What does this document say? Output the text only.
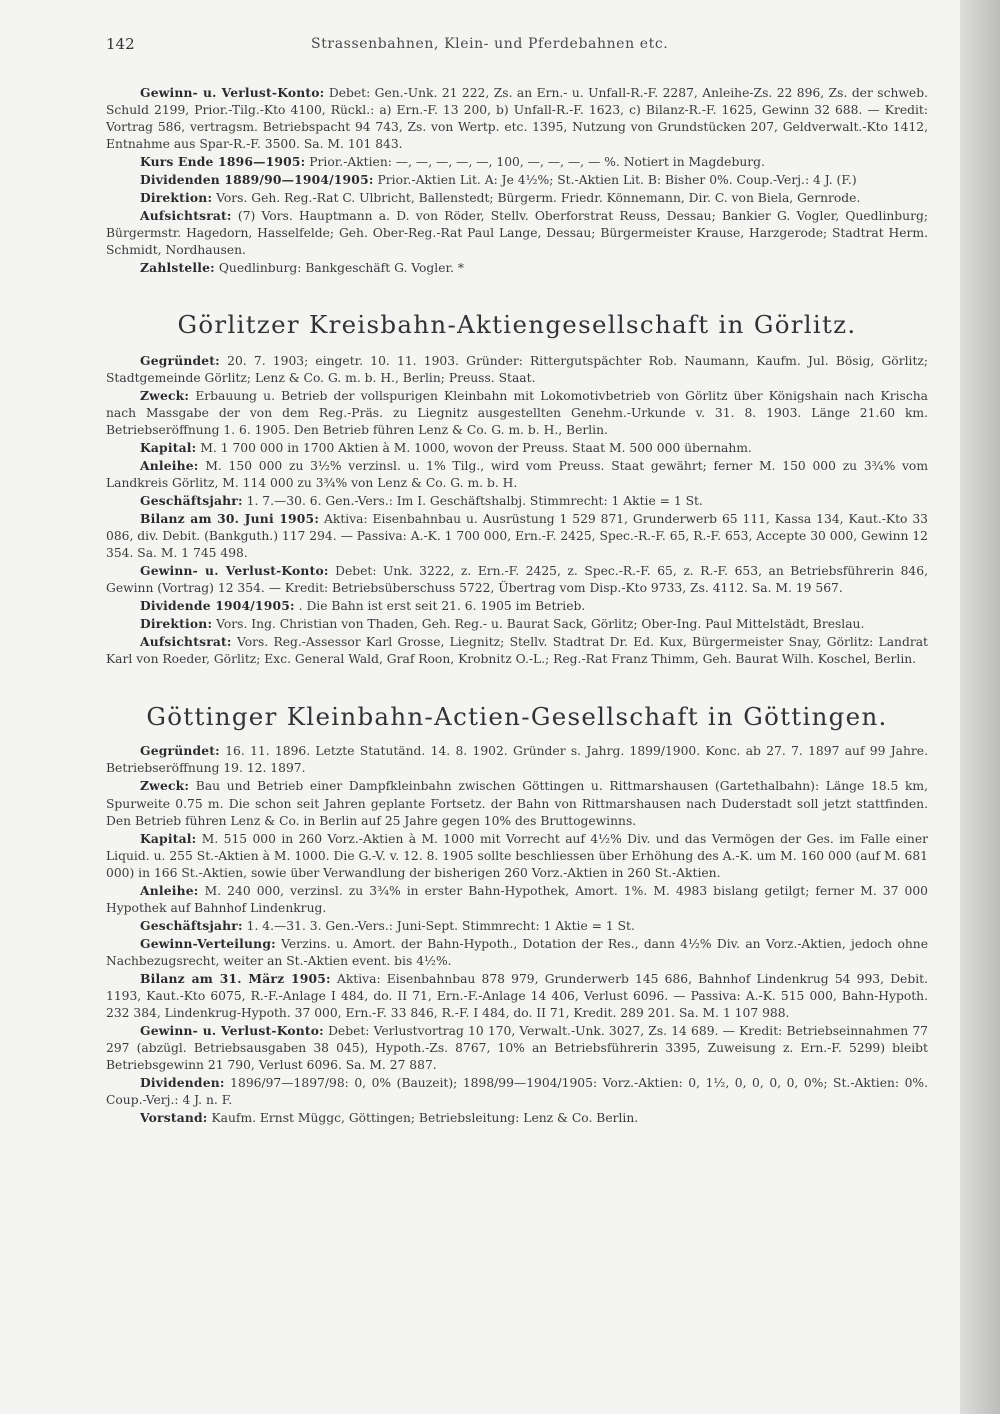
142	Strassenbahnen, Klein- und Pferdebahnen etc.

Gewinn- u. Verlust-Konto: Debet: Gen.-Unk. 21 222, Zs. an Ern.- u. Unfall-R.-F. 2287, Anleihe-Zs. 22 896, Zs. der schweb. Schuld 2199, Prior.-Tilg.-Kto 4100, Rückl.: a) Ern.-F. 13 200, b) Unfall-R.-F. 1623, c) Bilanz-R.-F. 1625, Gewinn 32 688. — Kredit: Vortrag 586, vertragsm. Betriebspacht 94 743, Zs. von Wertp. etc. 1395, Nutzung von Grundstücken 207, Geldverwalt.-Kto 1412, Entnahme aus Spar-R.-F. 3500. Sa. M. 101 843.

Kurs Ende 1896—1905: Prior.-Aktien: —, —, —, —, —, 100, —, —, —, — %. Notiert in Magdeburg.

Dividenden 1889/90—1904/1905: Prior.-Aktien Lit. A: Je 4½%; St.-Aktien Lit. B: Bisher 0%. Coup.-Verj.: 4 J. (F.)

Direktion: Vors. Geh. Reg.-Rat C. Ulbricht, Ballenstedt; Bürgerm. Friedr. Könnemann, Dir. C. von Biela, Gernrode.

Aufsichtsrat: (7) Vors. Hauptmann a. D. von Röder, Stellv. Oberforstrat Reuss, Dessau; Bankier G. Vogler, Quedlinburg; Bürgermstr. Hagedorn, Hasselfelde; Geh. Ober-Reg.-Rat Paul Lange, Dessau; Bürgermeister Krause, Harzgerode; Stadtrat Herm. Schmidt, Nordhausen.

Zahlstelle: Quedlinburg: Bankgeschäft G. Vogler. *

Görlitzer Kreisbahn-Aktiengesellschaft in Görlitz.

Gegründet: 20. 7. 1903; eingetr. 10. 11. 1903. Gründer: Rittergutspächter Rob. Naumann, Kaufm. Jul. Bösig, Görlitz; Stadtgemeinde Görlitz; Lenz & Co. G. m. b. H., Berlin; Preuss. Staat.

Zweck: Erbauung u. Betrieb der vollspurigen Kleinbahn mit Lokomotivbetrieb von Görlitz über Königshain nach Krischa nach Massgabe der von dem Reg.-Präs. zu Liegnitz ausgestellten Genehm.-Urkunde v. 31. 8. 1903. Länge 21.60 km. Betriebseröffnung 1. 6. 1905. Den Betrieb führen Lenz & Co. G. m. b. H., Berlin.

Kapital: M. 1 700 000 in 1700 Aktien à M. 1000, wovon der Preuss. Staat M. 500 000 übernahm.

Anleihe: M. 150 000 zu 3½% verzinsl. u. 1% Tilg., wird vom Preuss. Staat gewährt; ferner M. 150 000 zu 3¾% vom Landkreis Görlitz, M. 114 000 zu 3¾% von Lenz & Co. G. m. b. H.

Geschäftsjahr: 1. 7.—30. 6. Gen.-Vers.: Im I. Geschäftshalbj. Stimmrecht: 1 Aktie = 1 St.

Bilanz am 30. Juni 1905: Aktiva: Eisenbahnbau u. Ausrüstung 1 529 871, Grunderwerb 65 111, Kassa 134, Kaut.-Kto 33 086, div. Debit. (Bankguth.) 117 294. — Passiva: A.-K. 1 700 000, Ern.-F. 2425, Spec.-R.-F. 65, R.-F. 653, Accepte 30 000, Gewinn 12 354. Sa. M. 1 745 498.

Gewinn- u. Verlust-Konto: Debet: Unk. 3222, z. Ern.-F. 2425, z. Spec.-R.-F. 65, z. R.-F. 653, an Betriebsführerin 846, Gewinn (Vortrag) 12 354. — Kredit: Betriebsüberschuss 5722, Übertrag vom Disp.-Kto 9733, Zs. 4112. Sa. M. 19 567.

Dividende 1904/1905: . Die Bahn ist erst seit 21. 6. 1905 im Betrieb.

Direktion: Vors. Ing. Christian von Thaden, Geh. Reg.- u. Baurat Sack, Görlitz; Ober-Ing. Paul Mittelstädt, Breslau.

Aufsichtsrat: Vors. Reg.-Assessor Karl Grosse, Liegnitz; Stellv. Stadtrat Dr. Ed. Kux, Bürgermeister Snay, Görlitz: Landrat Karl von Roeder, Görlitz; Exc. General Wald, Graf Roon, Krobnitz O.-L.; Reg.-Rat Franz Thimm, Geh. Baurat Wilh. Koschel, Berlin.

Göttinger Kleinbahn-Actien-Gesellschaft in Göttingen.

Gegründet: 16. 11. 1896. Letzte Statutänd. 14. 8. 1902. Gründer s. Jahrg. 1899/1900. Konc. ab 27. 7. 1897 auf 99 Jahre. Betriebseröffnung 19. 12. 1897.

Zweck: Bau und Betrieb einer Dampfkleinbahn zwischen Göttingen u. Rittmarshausen (Gartethalbahn): Länge 18.5 km, Spurweite 0.75 m. Die schon seit Jahren geplante Fortsetz. der Bahn von Rittmarshausen nach Duderstadt soll jetzt stattfinden. Den Betrieb führen Lenz & Co. in Berlin auf 25 Jahre gegen 10% des Bruttogewinns.

Kapital: M. 515 000 in 260 Vorz.-Aktien à M. 1000 mit Vorrecht auf 4½% Div. und das Vermögen der Ges. im Falle einer Liquid. u. 255 St.-Aktien à M. 1000. Die G.-V. v. 12. 8. 1905 sollte beschliessen über Erhöhung des A.-K. um M. 160 000 (auf M. 681 000) in 166 St.-Aktien, sowie über Verwandlung der bisherigen 260 Vorz.-Aktien in 260 St.-Aktien.

Anleihe: M. 240 000, verzinsl. zu 3¾% in erster Bahn-Hypothek, Amort. 1%. M. 4983 bislang getilgt; ferner M. 37 000 Hypothek auf Bahnhof Lindenkrug.

Geschäftsjahr: 1. 4.—31. 3. Gen.-Vers.: Juni-Sept. Stimmrecht: 1 Aktie = 1 St.

Gewinn-Verteilung: Verzins. u. Amort. der Bahn-Hypoth., Dotation der Res., dann 4½% Div. an Vorz.-Aktien, jedoch ohne Nachbezugsrecht, weiter an St.-Aktien event. bis 4½%.

Bilanz am 31. März 1905: Aktiva: Eisenbahnbau 878 979, Grunderwerb 145 686, Bahnhof Lindenkrug 54 993, Debit. 1193, Kaut.-Kto 6075, R.-F.-Anlage I 484, do. II 71, Ern.-F.-Anlage 14 406, Verlust 6096. — Passiva: A.-K. 515 000, Bahn-Hypoth. 232 384, Lindenkrug-Hypoth. 37 000, Ern.-F. 33 846, R.-F. I 484, do. II 71, Kredit. 289 201. Sa. M. 1 107 988.

Gewinn- u. Verlust-Konto: Debet: Verlustvortrag 10 170, Verwalt.-Unk. 3027, Zs. 14 689. — Kredit: Betriebseinnahmen 77 297 (abzügl. Betriebsausgaben 38 045), Hypoth.-Zs. 8767, 10% an Betriebsführerin 3395, Zuweisung z. Ern.-F. 5299) bleibt Betriebsgewinn 21 790, Verlust 6096. Sa. M. 27 887.

Dividenden: 1896/97—1897/98: 0, 0% (Bauzeit); 1898/99—1904/1905: Vorz.-Aktien: 0, 1½, 0, 0, 0, 0, 0%; St.-Aktien: 0%. Coup.-Verj.: 4 J. n. F.

Vorstand: Kaufm. Ernst Müggc, Göttingen; Betriebsleitung: Lenz & Co. Berlin.
